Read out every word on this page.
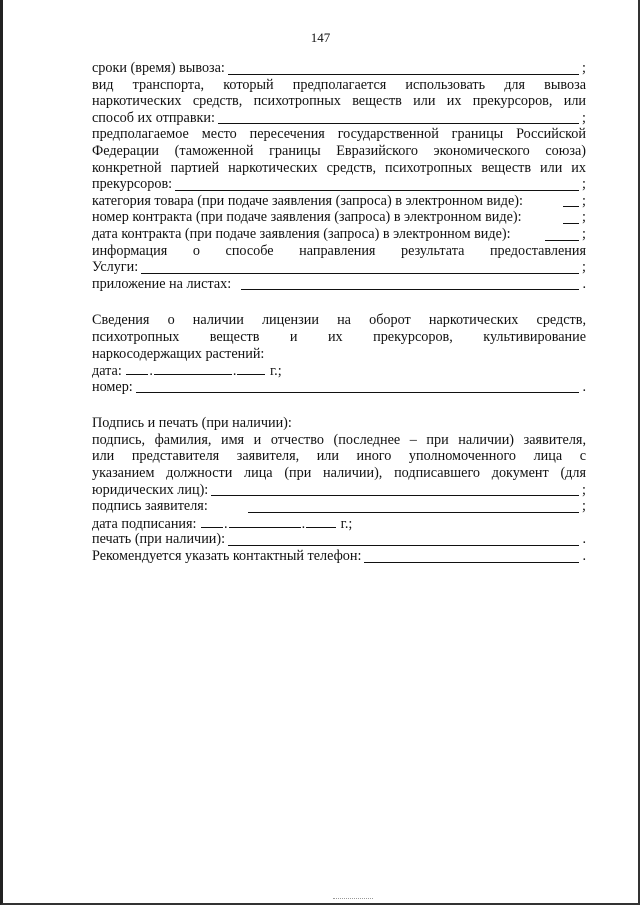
147
сроки (время) вывоза:	;
вид транспорта, который предполагается использовать для вывоза
наркотических средств, психотропных веществ или их прекурсоров, или
способ их отправки:	;
предполагаемое место пересечения государственной границы Российской
Федерации (таможенной границы Евразийского экономического союза)
конкретной партией наркотических средств, психотропных веществ или их
прекурсоров:	;
категория товара (при подаче заявления (запроса) в электронном виде):	;
номер контракта (при подаче заявления (запроса) в электронном виде):	;
дата контракта (при подаче заявления (запроса) в электронном виде):	;
информация о способе направления результата предоставления
Услуги:	;
приложение на листах:	.
Сведения о наличии лицензии на оборот наркотических средств,
психотропных веществ и их прекурсоров, культивирование
наркосодержащих растений:
дата: .	. г.;
номер:	.
Подпись и печать (при наличии):
подпись, фамилия, имя и отчество (последнее – при наличии) заявителя,
или представителя заявителя, или иного уполномоченного лица с
указанием должности лица (при наличии), подписавшего документ (для
юридических лиц):	;
подпись заявителя:	;
дата подписания: .	.	г.;
печать (при наличии):	.
Рекомендуется указать контактный телефон:	.
